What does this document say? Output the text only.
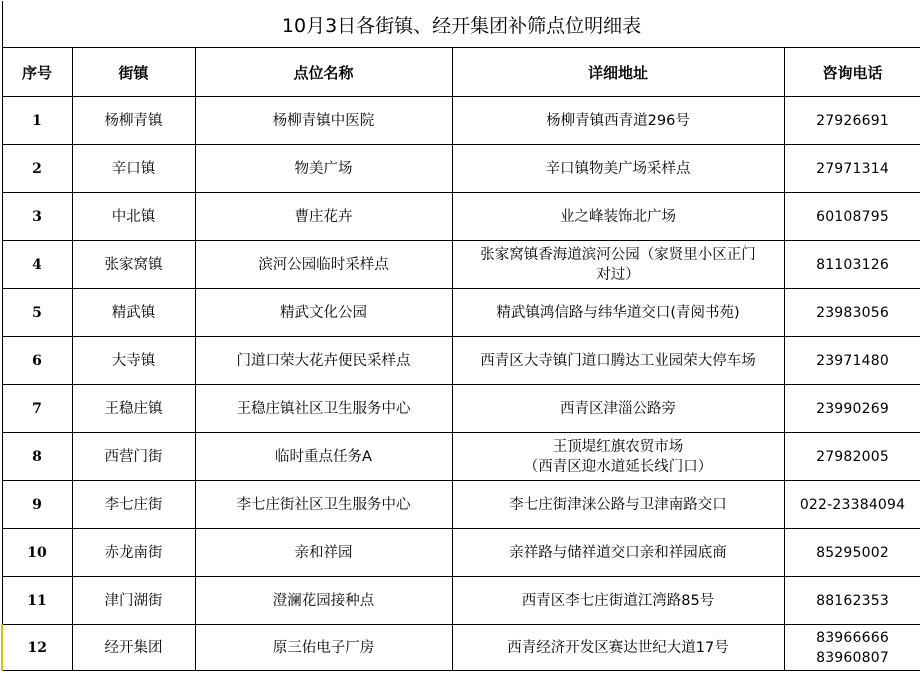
10月3日各街镇、经开集团补筛点位明细表				
序号	街镇	点位名称	详细地址	咨询电话
1	杨柳青镇	杨柳青镇中医院	杨柳青镇西青道296号	27926691

2	辛口镇	物美广场	辛口镇物美广场采样点	27971314

3	中北镇	曹庄花卉	业之峰装饰北广场	60108795

4	张家窝镇	滨河公园临时采样点	张家窝镇香海道滨河公园（家贤里小区正门
对过）	81103126

5	精武镇	精武文化公园	精武镇鸿信路与纬华道交口(青阅书苑)	23983056

6	大寺镇	门道口荣大花卉便民采样点	西青区大寺镇门道口腾达工业园荣大停车场	23971480

7	王稳庄镇	王稳庄镇社区卫生服务中心	西青区津淄公路旁	23990269

8	西营门街	临时重点任务A	王顶堤红旗农贸市场
（西青区迎水道延长线门口）	27982005

9	李七庄街	李七庄街社区卫生服务中心	李七庄街津涞公路与卫津南路交口	022-23384094

10	赤龙南街	亲和祥园	亲祥路与储祥道交口亲和祥园底商	85295002

11	津门湖街	澄澜花园接种点	西青区李七庄街道江湾路85号	88162353

12	经开集团	原三佑电子厂房	西青经济开发区赛达世纪大道17号	83966666
83960807
